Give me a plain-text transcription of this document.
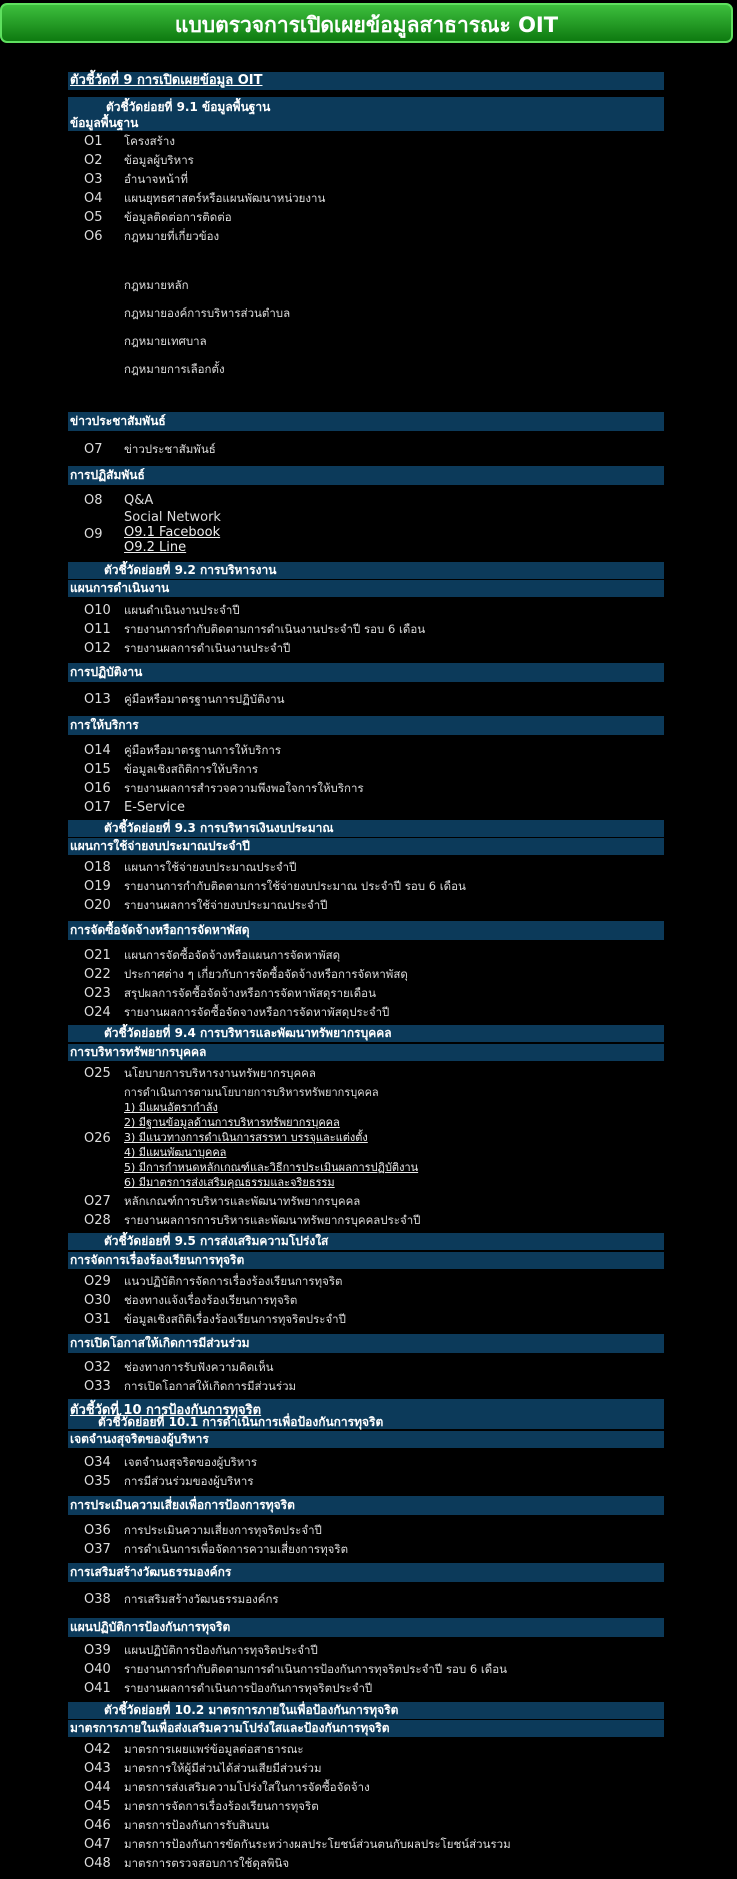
แบบตรวจการเปิดเผยข้อมูลสาธารณะ OIT
ตัวชี้วัดที่ 9 การเปิดเผยข้อมูล OIT
ตัวชี้วัดย่อยที่ 9.1 ข้อมูลพื้นฐาน
ข้อมูลพื้นฐาน
O1 โครงสร้าง
O2 ข้อมูลผู้บริหาร
O3 อำนาจหน้าที่
O4 แผนยุทธศาสตร์หรือแผนพัฒนาหน่วยงาน
O5 ข้อมูลติดต่อการติดต่อ
O6 กฎหมายที่เกี่ยวข้อง
กฎหมายหลัก
กฎหมายองค์การบริหารส่วนตำบล
กฎหมายเทศบาล
กฎหมายการเลือกตั้ง
ข่าวประชาสัมพันธ์
O7 ข่าวประชาสัมพันธ์
การปฏิสัมพันธ์
O8 Q&A
O9
Social Network
O9.1 Facebook
O9.2 Line
ตัวชี้วัดย่อยที่ 9.2 การบริหารงาน
แผนการดำเนินงาน
O10 แผนดำเนินงานประจำปี
O11 รายงานการกำกับติดตามการดำเนินงานประจำปี รอบ 6 เดือน
O12 รายงานผลการดำเนินงานประจำปี
การปฏิบัติงาน
O13 คู่มือหรือมาตรฐานการปฏิบัติงาน
การให้บริการ
O14 คู่มือหรือมาตรฐานการให้บริการ
O15 ข้อมูลเชิงสถิติการให้บริการ
O16 รายงานผลการสำรวจความพึงพอใจการให้บริการ
O17 E-Service
ตัวชี้วัดย่อยที่ 9.3 การบริหารเงินงบประมาณ
แผนการใช้จ่ายงบประมาณประจำปี
O18 แผนการใช้จ่ายงบประมาณประจำปี
O19 รายงานการกำกับติดตามการใช้จ่ายงบประมาณ ประจำปี รอบ 6 เดือน
O20 รายงานผลการใช้จ่ายงบประมาณประจำปี
การจัดซื้อจัดจ้างหรือการจัดหาพัสดุ
O21 แผนการจัดซื้อจัดจ้างหรือแผนการจัดหาพัสดุ
O22 ประกาศต่าง ๆ เกี่ยวกับการจัดซื้อจัดจ้างหรือการจัดหาพัสดุ
O23 สรุปผลการจัดซื้อจัดจ้างหรือการจัดหาพัสดุรายเดือน
O24 รายงานผลการจัดซื้อจัดจางหรือการจัดหาพัสดุประจำปี
ตัวชี้วัดย่อยที่ 9.4 การบริหารและพัฒนาทรัพยากรบุคคล
การบริหารทรัพยากรบุคคล
O25 นโยบายการบริหารงานทรัพยากรบุคคล
O26
การดำเนินการตามนโยบายการบริหารทรัพยากรบุคคล
1) มีแผนอัตรากำลัง
2) มีฐานข้อมูลด้านการบริหารทรัพยากรบุคคล
3) มีแนวทางการดำเนินการสรรหา บรรจุและแต่งตั้ง
4) มีแผนพัฒนาบุคคล
5) มีการกำหนดหลักเกณฑ์และวิธีการประเมินผลการปฏิบัติงาน
6) มีมาตรการส่งเสริมคุณธรรมและจริยธรรม
O27 หลักเกณฑ์การบริหารและพัฒนาทรัพยากรบุคคล
O28 รายงานผลการการบริหารและพัฒนาทรัพยากรบุคคลประจำปี
ตัวชี้วัดย่อยที่ 9.5 การส่งเสริมความโปร่งใส
การจัดการเรื่องร้องเรียนการทุจริต
O29 แนวปฏิบัติการจัดการเรื่องร้องเรียนการทุจริต
O30 ช่องทางแจ้งเรื่องร้องเรียนการทุจริต
O31 ข้อมูลเชิงสถิติเรื่องร้องเรียนการทุจริตประจำปี
การเปิดโอกาสให้เกิดการมีส่วนร่วม
O32 ช่องทางการรับฟังความคิดเห็น
O33 การเปิดโอกาสให้เกิดการมีส่วนร่วม
ตัวชี้วัดที่ 10 การป้องกันการทุจริต
ตัวชี้วัดย่อยที่ 10.1 การดำเนินการเพื่อป้องกันการทุจริต
เจตจำนงสุจริตของผู้บริหาร
O34 เจตจำนงสุจริตของผู้บริหาร
O35 การมีส่วนร่วมของผู้บริหาร
การประเมินความเสี่ยงเพื่อการป้องการทุจริต
O36 การประเมินความเสี่ยงการทุจริตประจำปี
O37 การดำเนินการเพื่อจัดการความเสี่ยงการทุจริต
การเสริมสร้างวัฒนธรรมองค์กร
O38 การเสริมสร้างวัฒนธรรมองค์กร
แผนปฏิบัติการป้องกันการทุจริต
O39 แผนปฏิบัติการป้องกันการทุจริตประจำปี
O40 รายงานการกำกับติดตามการดำเนินการป้องกันการทุจริตประจำปี รอบ 6 เดือน
O41 รายงานผลการดำเนินการป้องกันการทุจริตประจำปี
ตัวชี้วัดย่อยที่ 10.2 มาตรการภายในเพื่อป้องกันการทุจริต
มาตรการภายในเพื่อส่งเสริมความโปร่งใสและป้องกันการทุจริต
O42 มาตรการเผยแพร่ข้อมูลต่อสาธารณะ
O43 มาตรการให้ผู้มีส่วนได้ส่วนเสียมีส่วนร่วม
O44 มาตรการส่งเสริมความโปร่งใสในการจัดซื้อจัดจ้าง
O45 มาตรการจัดการเรื่องร้องเรียนการทุจริต
O46 มาตรการป้องกันการรับสินบน
O47 มาตรการป้องกันการขัดกันระหว่างผลประโยชน์ส่วนตนกับผลประโยชน์ส่วนรวม
O48 มาตรการตรวจสอบการใช้ดุลพินิจ
